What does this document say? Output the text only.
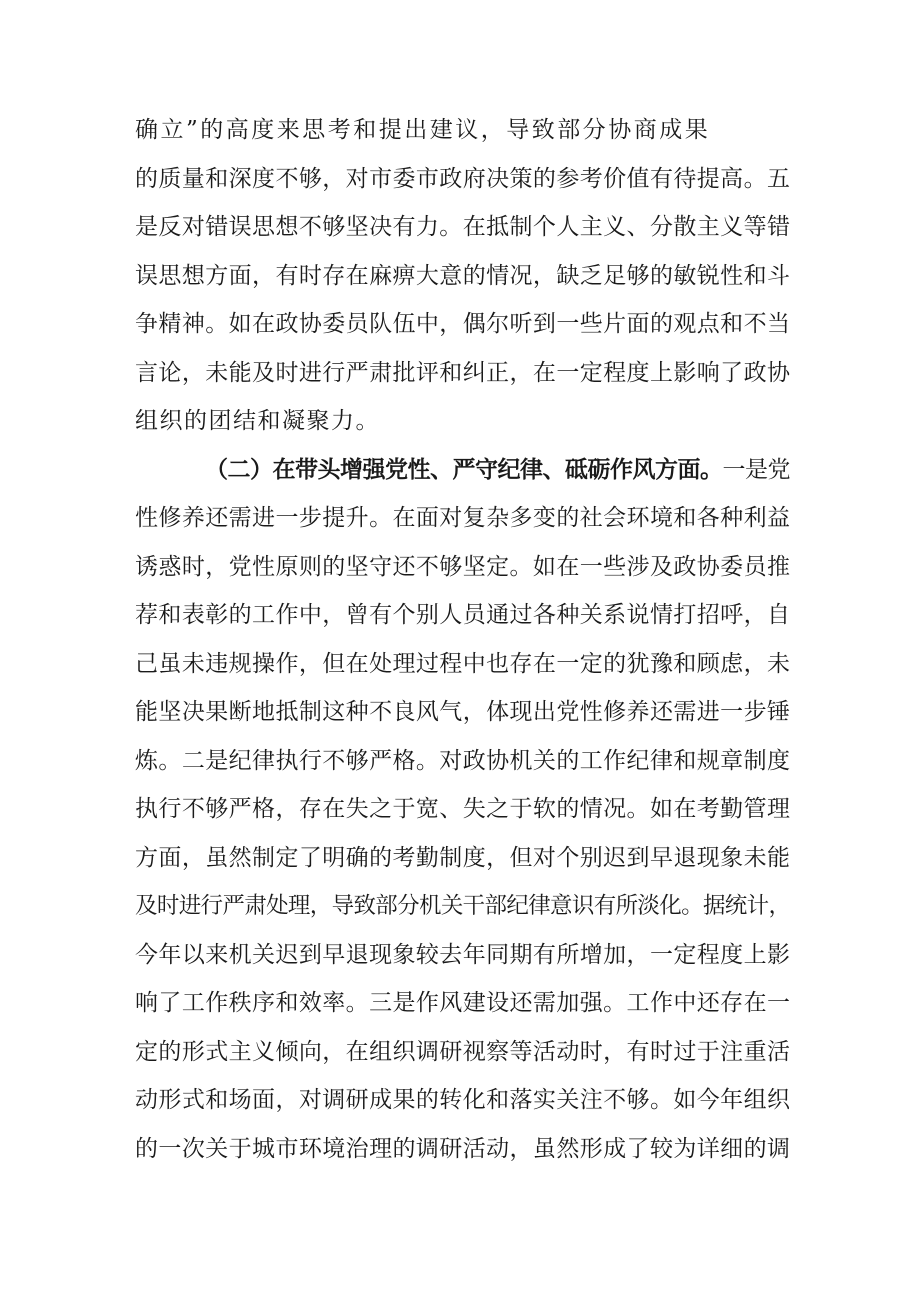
确立”的高度来思考和提出建议，导致部分协商成果
的质量和深度不够，对市委市政府决策的参考价值有待提高。五
是反对错误思想不够坚决有力。在抵制个人主义、分散主义等错
误思想方面，有时存在麻痹大意的情况，缺乏足够的敏锐性和斗
争精神。如在政协委员队伍中，偶尔听到一些片面的观点和不当
言论，未能及时进行严肃批评和纠正，在一定程度上影响了政协
组织的团结和凝聚力。
（二）在带头增强党性、严守纪律、砥砺作风方面。一是党
性修养还需进一步提升。在面对复杂多变的社会环境和各种利益
诱惑时，党性原则的坚守还不够坚定。如在一些涉及政协委员推
荐和表彰的工作中，曾有个别人员通过各种关系说情打招呼，自
己虽未违规操作，但在处理过程中也存在一定的犹豫和顾虑，未
能坚决果断地抵制这种不良风气，体现出党性修养还需进一步锤
炼。二是纪律执行不够严格。对政协机关的工作纪律和规章制度
执行不够严格，存在失之于宽、失之于软的情况。如在考勤管理
方面，虽然制定了明确的考勤制度，但对个别迟到早退现象未能
及时进行严肃处理，导致部分机关干部纪律意识有所淡化。据统计，
今年以来机关迟到早退现象较去年同期有所增加，一定程度上影
响了工作秩序和效率。三是作风建设还需加强。工作中还存在一
定的形式主义倾向，在组织调研视察等活动时，有时过于注重活
动形式和场面，对调研成果的转化和落实关注不够。如今年组织
的一次关于城市环境治理的调研活动，虽然形成了较为详细的调
